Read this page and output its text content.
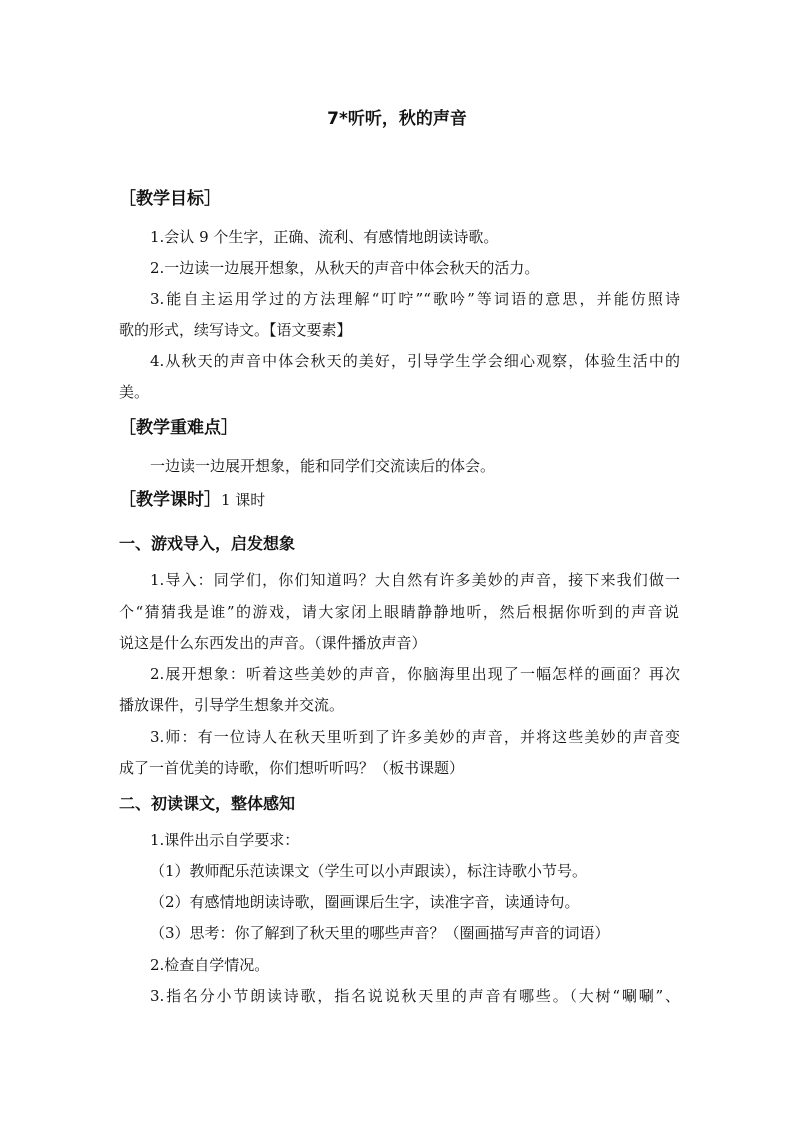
7*听听，秋的声音
［教学目标］
1.会认 9 个生字，正确、流利、有感情地朗读诗歌。
2.一边读一边展开想象，从秋天的声音中体会秋天的活力。
3.能自主运用学过的方法理解“叮咛”“歌吟”等词语的意思，并能仿照诗
歌的形式，续写诗文。【语文要素】
4.从秋天的声音中体会秋天的美好，引导学生学会细心观察，体验生活中的
美。
［教学重难点］
一边读一边展开想象，能和同学们交流读后的体会。
［教学课时］1 课时
一、游戏导入，启发想象
1.导入：同学们，你们知道吗？大自然有许多美妙的声音，接下来我们做一
个“猜猜我是谁”的游戏，请大家闭上眼睛静静地听，然后根据你听到的声音说
说这是什么东西发出的声音。（课件播放声音）
2.展开想象：听着这些美妙的声音，你脑海里出现了一幅怎样的画面？再次
播放课件，引导学生想象并交流。
3.师：有一位诗人在秋天里听到了许多美妙的声音，并将这些美妙的声音变
成了一首优美的诗歌，你们想听听吗？（板书课题）
二、初读课文，整体感知
1.课件出示自学要求：
（1）教师配乐范读课文（学生可以小声跟读），标注诗歌小节号。
（2）有感情地朗读诗歌，圈画课后生字，读准字音，读通诗句。
（3）思考：你了解到了秋天里的哪些声音？（圈画描写声音的词语）
2.检查自学情况。
3.指名分小节朗读诗歌，指名说说秋天里的声音有哪些。（大树“唰唰”、
